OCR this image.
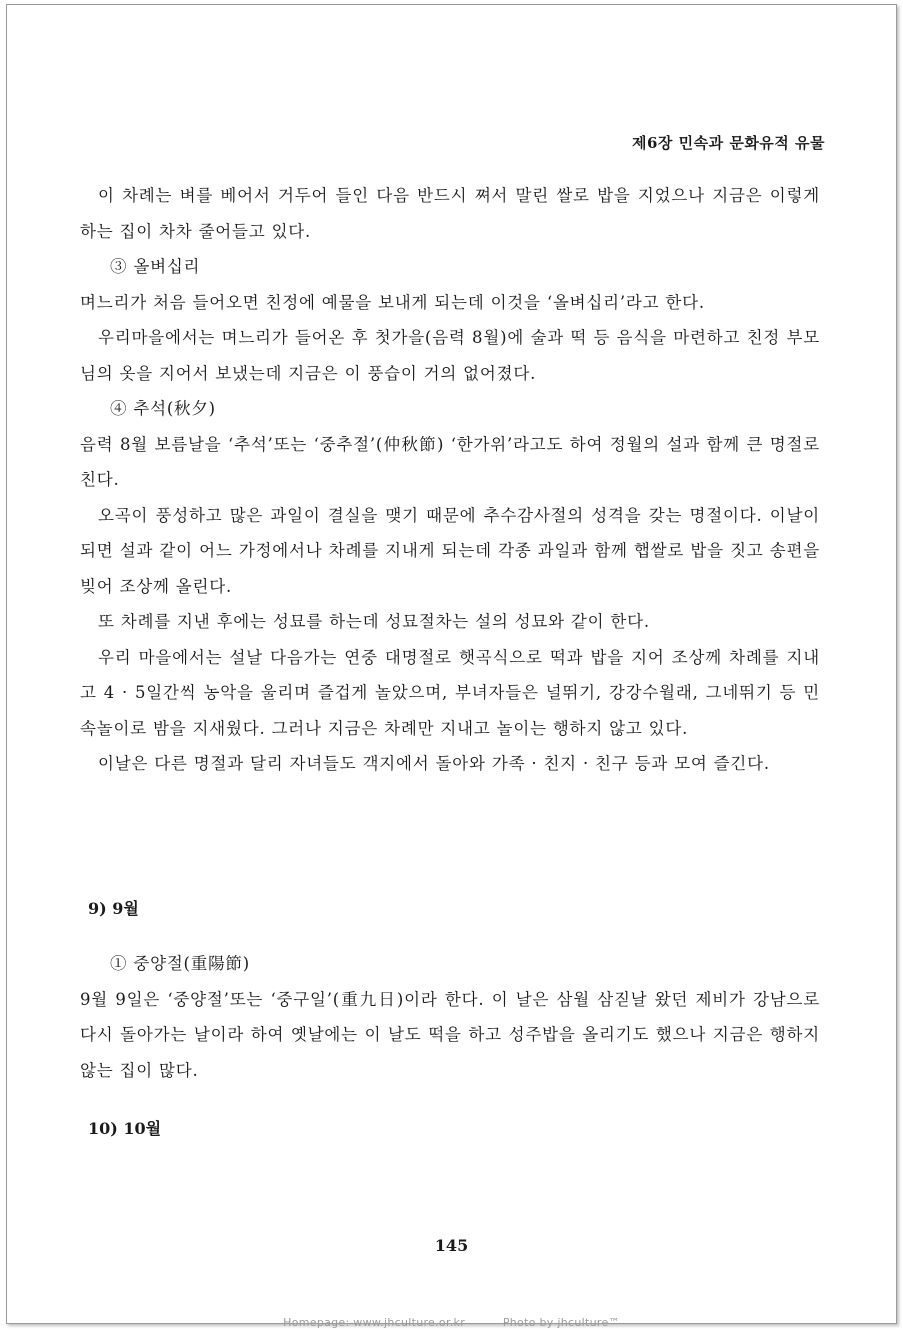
제6장 민속과 문화유적 유물

이 차례는 벼를 베어서 거두어 들인 다음 반드시 쪄서 말린 쌀로 밥을 지었으나 지금은 이렇게 하는 집이 차차 줄어들고 있다.

③ 올벼십리

며느리가 처음 들어오면 친정에 예물을 보내게 되는데 이것을 ‘올벼십리’라고 한다.

우리마을에서는 며느리가 들어온 후 첫가을(음력 8월)에 술과 떡 등 음식을 마련하고 친정 부모님의 옷을 지어서 보냈는데 지금은 이 풍습이 거의 없어졌다.

④ 추석(秋夕)

음력 8월 보름날을 ‘추석’또는 ‘중추절’(仲秋節) ‘한가위’라고도 하여 정월의 설과 함께 큰 명절로 친다.

오곡이 풍성하고 많은 과일이 결실을 맺기 때문에 추수감사절의 성격을 갖는 명절이다. 이날이 되면 설과 같이 어느 가정에서나 차례를 지내게 되는데 각종 과일과 함께 햅쌀로 밥을 짓고 송편을 빚어 조상께 올린다.

또 차례를 지낸 후에는 성묘를 하는데 성묘절차는 설의 성묘와 같이 한다.

우리 마을에서는 설날 다음가는 연중 대명절로 햇곡식으로 떡과 밥을 지어 조상께 차례를 지내고 4 · 5일간씩 농악을 울리며 즐겁게 놀았으며, 부녀자들은 널뛰기, 강강수월래, 그네뛰기 등 민속놀이로 밤을 지새웠다. 그러나 지금은 차례만 지내고 놀이는 행하지 않고 있다.

이날은 다른 명절과 달리 자녀들도 객지에서 돌아와 가족 · 친지 · 친구 등과 모여 즐긴다.

9) 9월

① 중양절(重陽節)

9월 9일은 ‘중양절’또는 ‘중구일’(重九日)이라 한다. 이 날은 삼월 삼짇날 왔던 제비가 강남으로 다시 돌아가는 날이라 하여 옛날에는 이 날도 떡을 하고 성주밥을 올리기도 했으나 지금은 행하지 않는 집이 많다.

10) 10월
145
Homepage: www.jhculture.or.kr	Photo by jhculture™
